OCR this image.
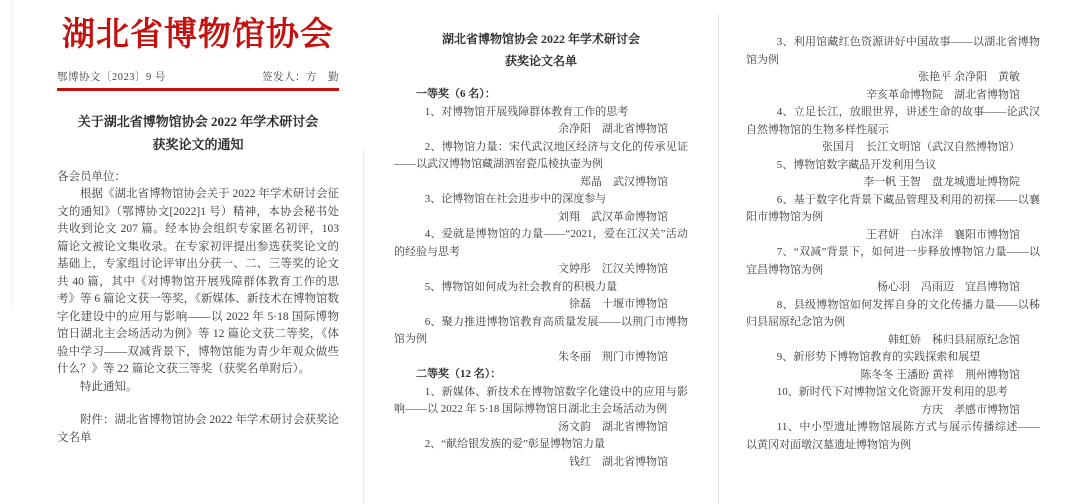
湖北省博物馆协会
鄂博协文〔2023〕9 号	签发人：方　勤
关于湖北省博物馆协会 2022 年学术研讨会
获奖论文的通知
各会员单位：
根据《湖北省博物馆协会关于 2022 年学术研讨会征文的通知》（鄂博协文[2022]1 号）精神，本协会秘书处共收到论文 207 篇。经本协会组织专家匿名初评，103 篇论文被论文集收录。在专家初评提出参选获奖论文的基础上，专家组讨论评审出分获一、二、三等奖的论文共 40 篇，其中《对博物馆开展残障群体教育工作的思考》等 6 篇论文获一等奖，《新媒体、新技术在博物馆数字化建设中的应用与影响——以 2022 年 5·18 国际博物馆日湖北主会场活动为例》等 12 篇论文获二等奖，《体验中学习——双减背景下，博物馆能为青少年观众做些什么？》等 22 篇论文获三等奖（获奖名单附后）。
特此通知。
附件：湖北省博物馆协会 2022 年学术研讨会获奖论文名单
湖北省博物馆协会 2022 年学术研讨会
获奖论文名单
一等奖（6 名）：
1、对博物馆开展残障群体教育工作的思考
余净阳　湖北省博物馆
2、博物馆力量：宋代武汉地区经济与文化的传承见证——以武汉博物馆藏湖泗窑瓷瓜棱执壶为例
郑晶　武汉博物馆
3、论博物馆在社会进步中的深度参与
刘翔　武汉革命博物馆
4、爱就是博物馆的力量——“2021，爱在江汉关”活动的经验与思考
文婷彤　江汉关博物馆
5、博物馆如何成为社会教育的积极力量
徐磊　十堰市博物馆
6、聚力推进博物馆教育高质量发展——以荆门市博物馆为例
朱冬丽　荆门市博物馆
二等奖（12 名）：
1、新媒体、新技术在博物馆数字化建设中的应用与影响——以 2022 年 5·18 国际博物馆日湖北主会场活动为例
汤文韵　湖北省博物馆
2、“献给银发族的爱”彰显博物馆力量
钱红　湖北省博物馆
3、利用馆藏红色资源讲好中国故事——以湖北省博物馆为例
张艳平 余净阳　黄敏
辛亥革命博物院　湖北省博物馆
4、立足长江，放眼世界，讲述生命的故事——论武汉自然博物馆的生物多样性展示
张国月　长江文明馆（武汉自然博物馆）
5、博物馆数字藏品开发利用刍议
李一帆 王智　盘龙城遗址博物院
6、基于数字化背景下藏品管理及利用的初探——以襄阳市博物馆为例
王君妍　白冰洋　襄阳市博物馆
7、“双减”背景下，如何进一步释放博物馆力量——以宜昌博物馆为例
杨心羽　冯雨迈　宜昌博物馆
8、县级博物馆如何发挥自身的文化传播力量——以秭归县屈原纪念馆为例
韩虹娇　秭归县屈原纪念馆
9、新形势下博物馆教育的实践探索和展望
陈冬冬 王潘盼 黄祥　荆州博物馆
10、新时代下对博物馆文化资源开发利用的思考
方庆　孝感市博物馆
11、中小型遗址博物馆展陈方式与展示传播综述——以黄冈对面墩汉墓遗址博物馆为例
